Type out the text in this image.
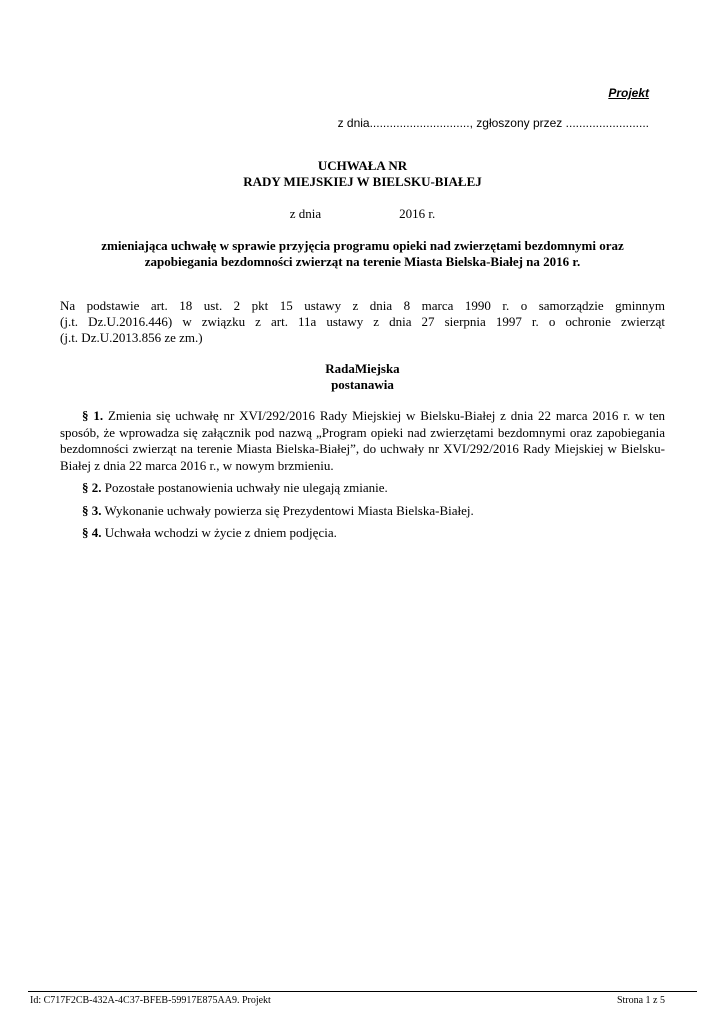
Projekt
z dnia.............................., zgłoszony przez .........................
UCHWAŁA NR
RADY MIEJSKIEJ W BIELSKU-BIAŁEJ
z dnia                        2016 r.
zmieniająca uchwałę w sprawie przyjęcia programu opieki nad zwierzętami bezdomnymi oraz
zapobiegania bezdomności zwierząt na terenie Miasta Bielska-Białej na 2016 r.
Na podstawie art. 18 ust. 2 pkt 15 ustawy z dnia 8 marca 1990 r. o samorządzie gminnym
(j.t. Dz.U.2016.446) w związku z art. 11a ustawy z dnia 27 sierpnia 1997 r. o ochronie zwierząt
(j.t. Dz.U.2013.856 ze zm.)
RadaMiejska
postanawia

§ 1. Zmienia się uchwałę nr XVI/292/2016 Rady Miejskiej w Bielsku-Białej z dnia 22 marca 2016 r. w ten sposób, że wprowadza się załącznik pod nazwą „Program opieki nad zwierzętami bezdomnymi oraz zapobiegania bezdomności zwierząt na terenie Miasta Bielska-Białej”, do uchwały nr XVI/292/2016 Rady Miejskiej w Bielsku-Białej z dnia 22 marca 2016 r., w nowym brzmieniu.

§ 2. Pozostałe postanowienia uchwały nie ulegają zmianie.

§ 3. Wykonanie uchwały powierza się Prezydentowi Miasta Bielska-Białej.

§ 4. Uchwała wchodzi w życie z dniem podjęcia.

Id: C717F2CB-432A-4C37-BFEB-59917E875AA9. Projekt	Strona 1 z 5
